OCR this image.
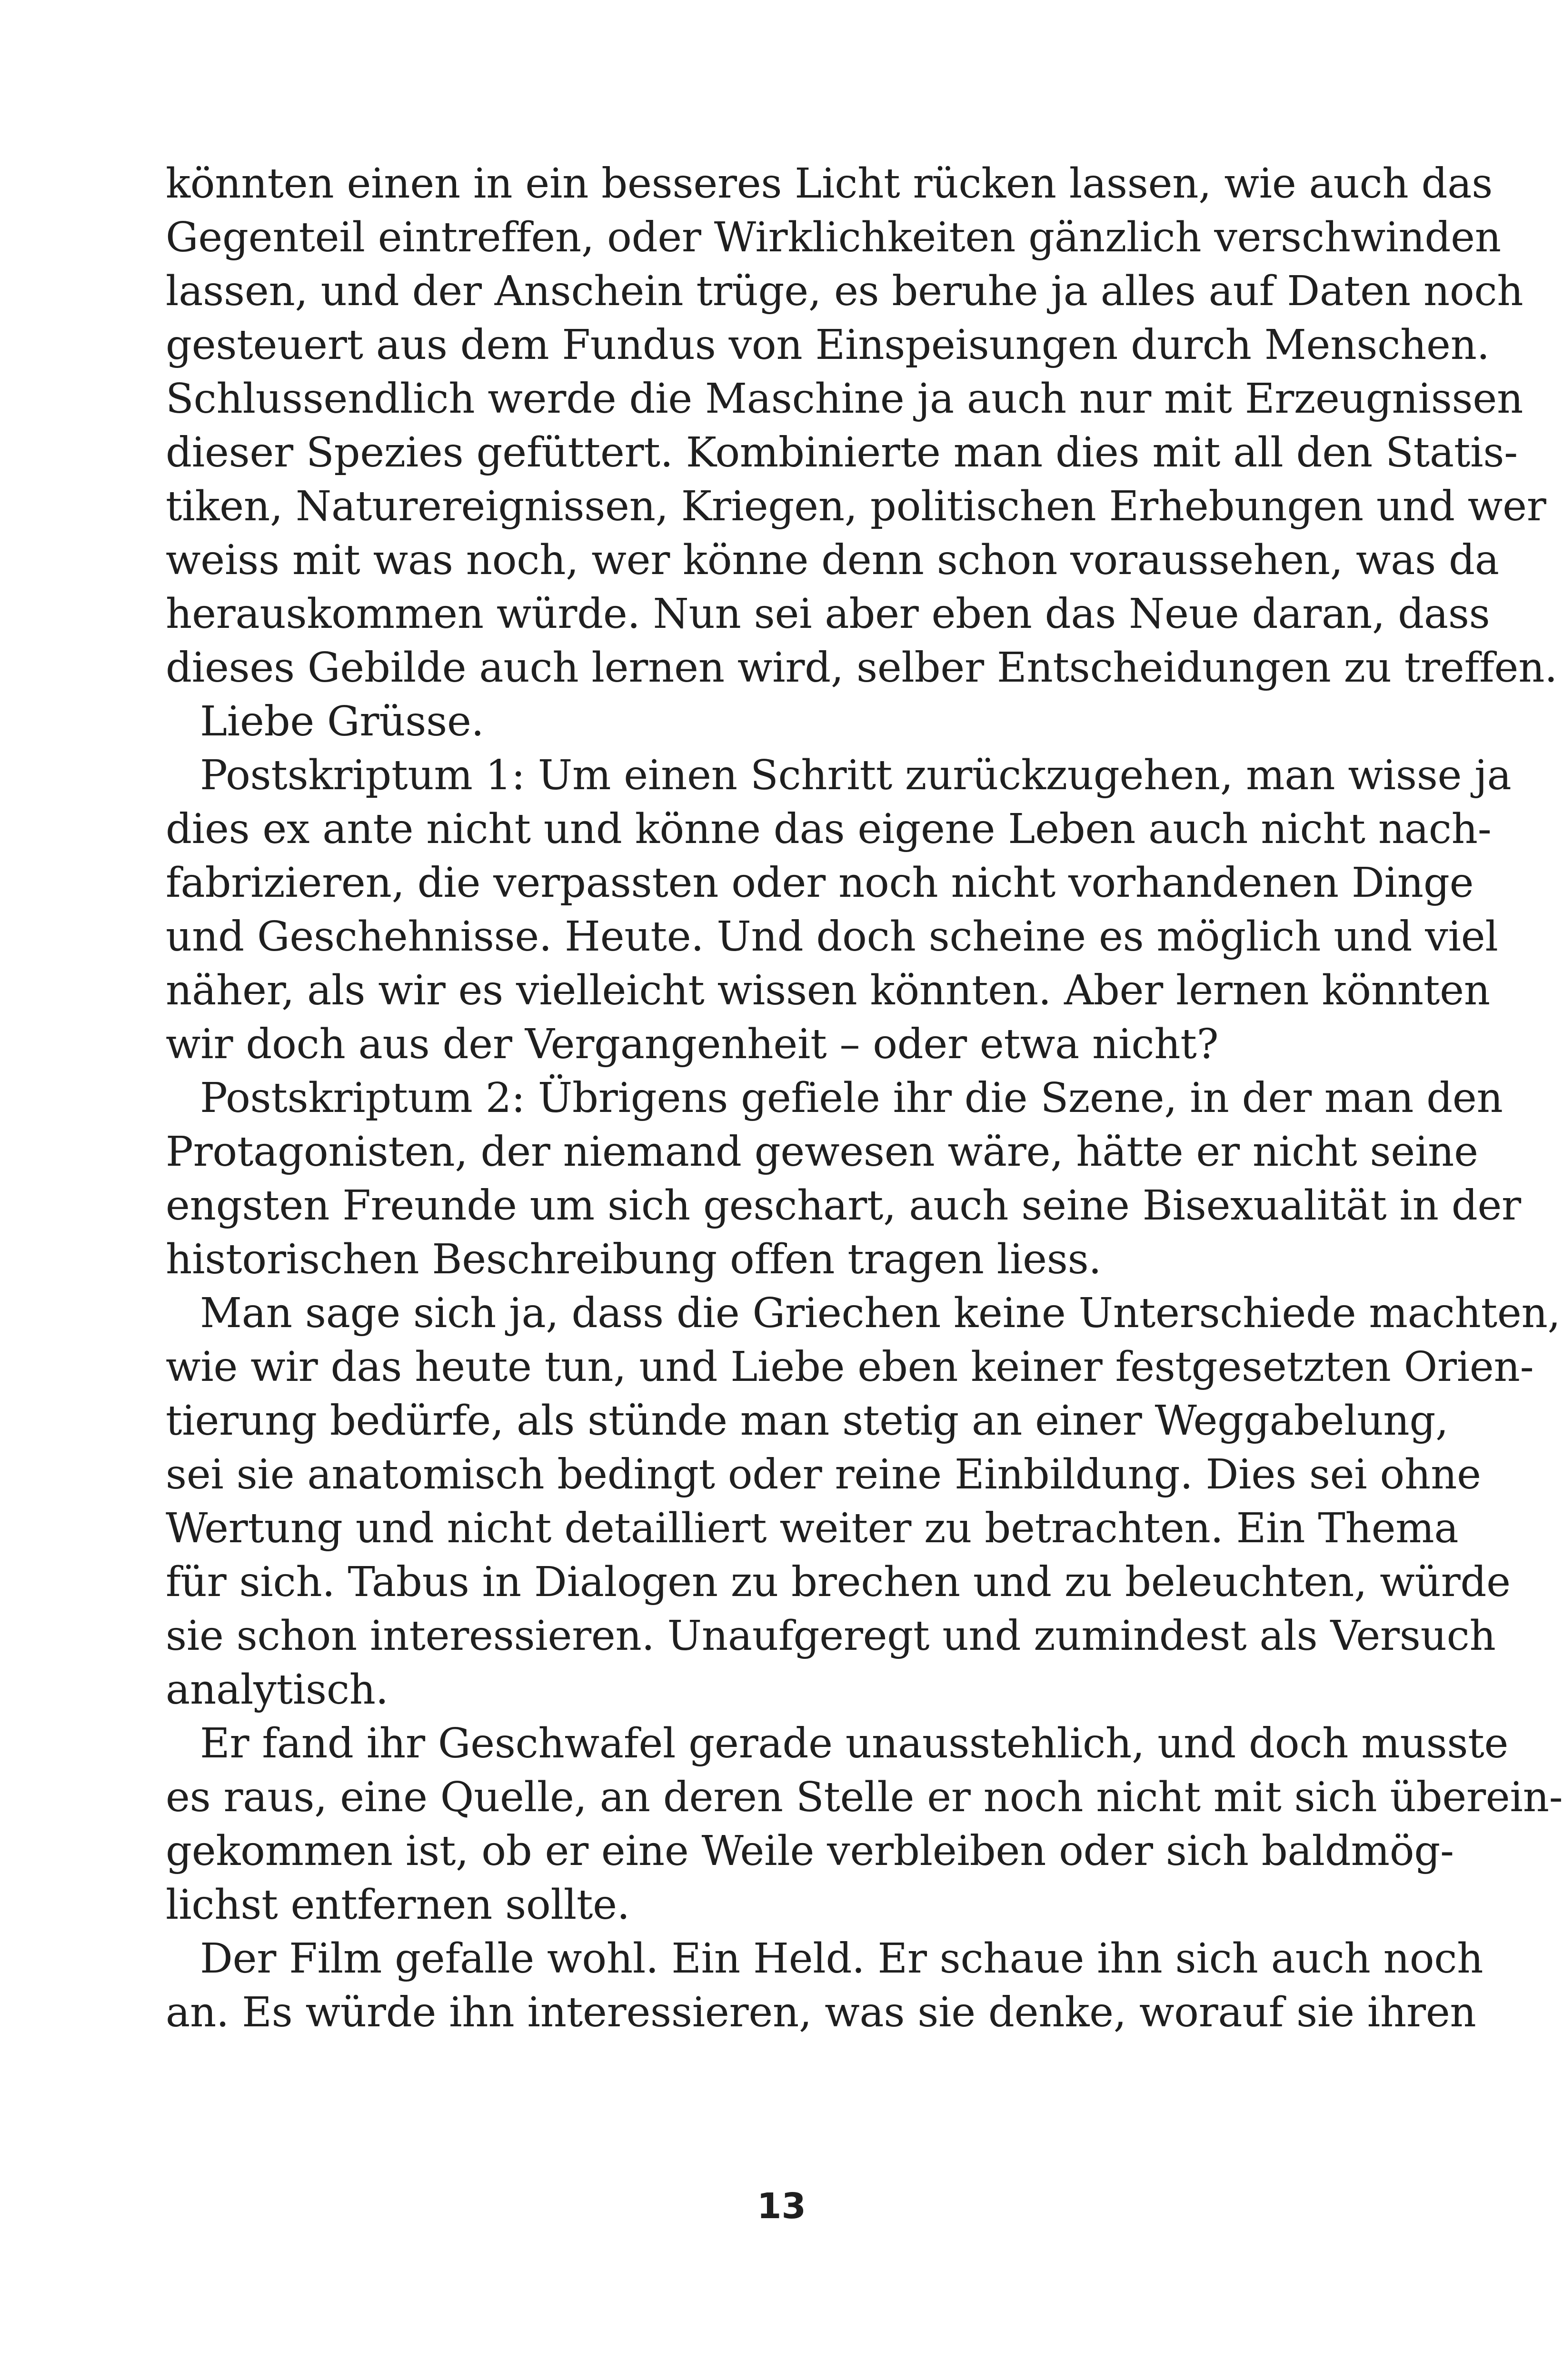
könnten einen in ein besseres Licht rücken lassen, wie auch das
Gegenteil eintreffen, oder Wirklichkeiten gänzlich verschwinden
lassen, und der Anschein trüge, es beruhe ja alles auf Daten noch
gesteuert aus dem Fundus von Einspeisungen durch Menschen.
Schlussendlich werde die Maschine ja auch nur mit Erzeugnissen
dieser Spezies gefüttert. Kombinierte man dies mit all den Statis-
tiken, Naturereignissen, Kriegen, politischen Erhebungen und wer
weiss mit was noch, wer könne denn schon voraussehen, was da
herauskommen würde. Nun sei aber eben das Neue daran, dass
dieses Gebilde auch lernen wird, selber Entscheidungen zu treffen.
Liebe Grüsse.
Postskriptum 1: Um einen Schritt zurückzugehen, man wisse ja
dies ex ante nicht und könne das eigene Leben auch nicht nach-
fabrizieren, die verpassten oder noch nicht vorhandenen Dinge
und Geschehnisse. Heute. Und doch scheine es möglich und viel
näher, als wir es vielleicht wissen könnten. Aber lernen könnten
wir doch aus der Vergangenheit – oder etwa nicht?
Postskriptum 2: Übrigens gefiele ihr die Szene, in der man den
Protagonisten, der niemand gewesen wäre, hätte er nicht seine
engsten Freunde um sich geschart, auch seine Bisexualität in der
historischen Beschreibung offen tragen liess.
Man sage sich ja, dass die Griechen keine Unterschiede machten,
wie wir das heute tun, und Liebe eben keiner festgesetzten Orien-
tierung bedürfe, als stünde man stetig an einer Weggabelung,
sei sie anatomisch bedingt oder reine Einbildung. Dies sei ohne
Wertung und nicht detailliert weiter zu betrachten. Ein Thema
für sich. Tabus in Dialogen zu brechen und zu beleuchten, würde
sie schon interessieren. Unaufgeregt und zumindest als Versuch
analytisch.
Er fand ihr Geschwafel gerade unausstehlich, und doch musste
es raus, eine Quelle, an deren Stelle er noch nicht mit sich überein-
gekommen ist, ob er eine Weile verbleiben oder sich baldmög-
lichst entfernen sollte.
Der Film gefalle wohl. Ein Held. Er schaue ihn sich auch noch
an. Es würde ihn interessieren, was sie denke, worauf sie ihren
13
